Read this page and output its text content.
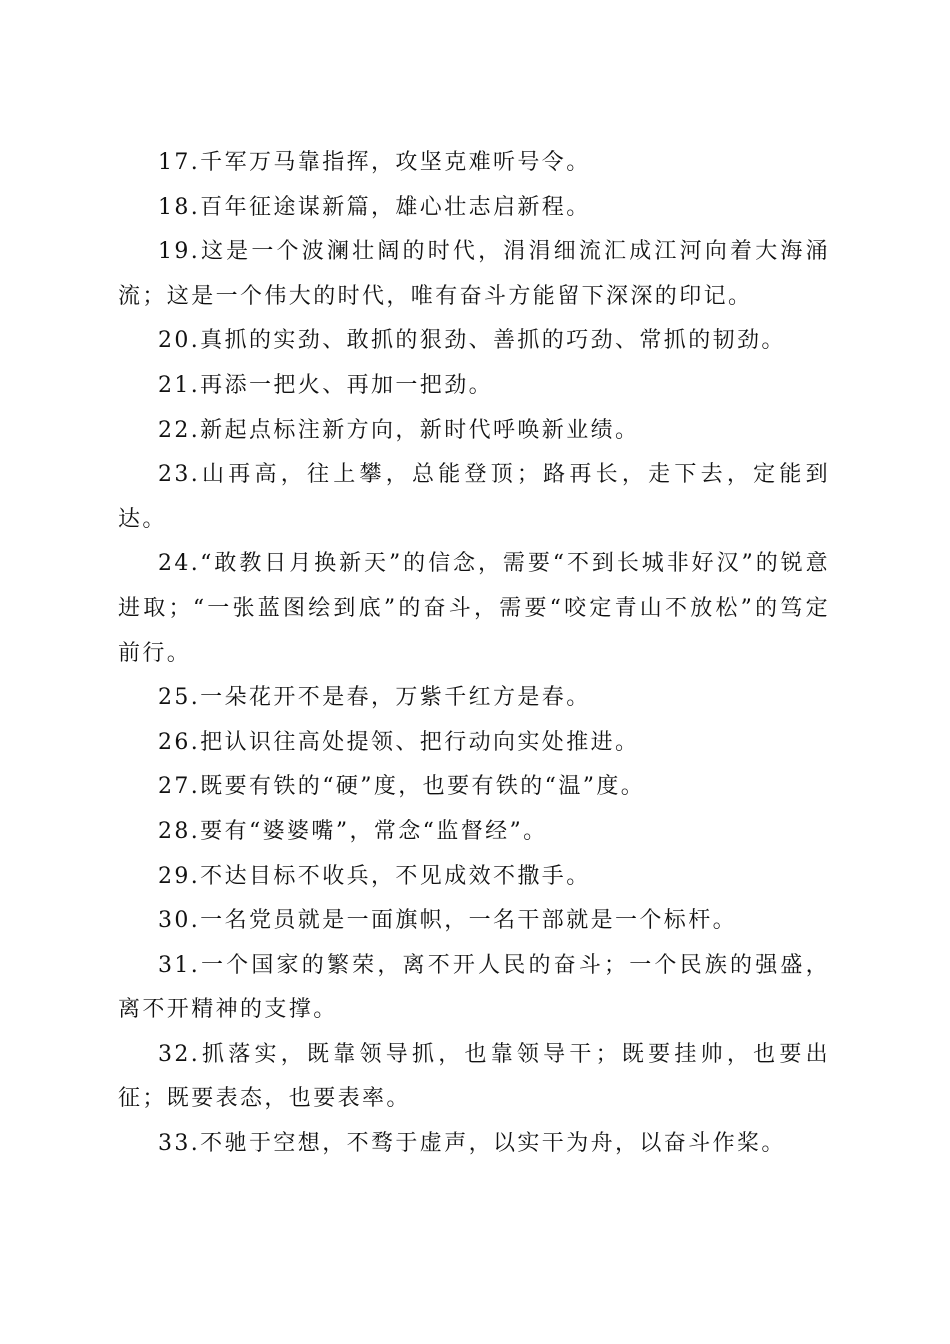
17.千军万马靠指挥，攻坚克难听号令。

18.百年征途谋新篇，雄心壮志启新程。

19.这是一个波澜壮阔的时代，涓涓细流汇成江河向着大海涌流；这是一个伟大的时代，唯有奋斗方能留下深深的印记。

20.真抓的实劲、敢抓的狠劲、善抓的巧劲、常抓的韧劲。

21.再添一把火、再加一把劲。

22.新起点标注新方向，新时代呼唤新业绩。

23.山再高，往上攀，总能登顶；路再长，走下去，定能到达。

24.“敢教日月换新天”的信念，需要“不到长城非好汉”的锐意进取；“一张蓝图绘到底”的奋斗，需要“咬定青山不放松”的笃定前行。

25.一朵花开不是春，万紫千红方是春。

26.把认识往高处提领、把行动向实处推进。

27.既要有铁的“硬”度，也要有铁的“温”度。

28.要有“婆婆嘴”，常念“监督经”。

29.不达目标不收兵，不见成效不撒手。

30.一名党员就是一面旗帜，一名干部就是一个标杆。

31.一个国家的繁荣，离不开人民的奋斗；一个民族的强盛，离不开精神的支撑。

32.抓落实，既靠领导抓，也靠领导干；既要挂帅，也要出征；既要表态，也要表率。

33.不驰于空想，不骛于虚声，以实干为舟，以奋斗作桨。
